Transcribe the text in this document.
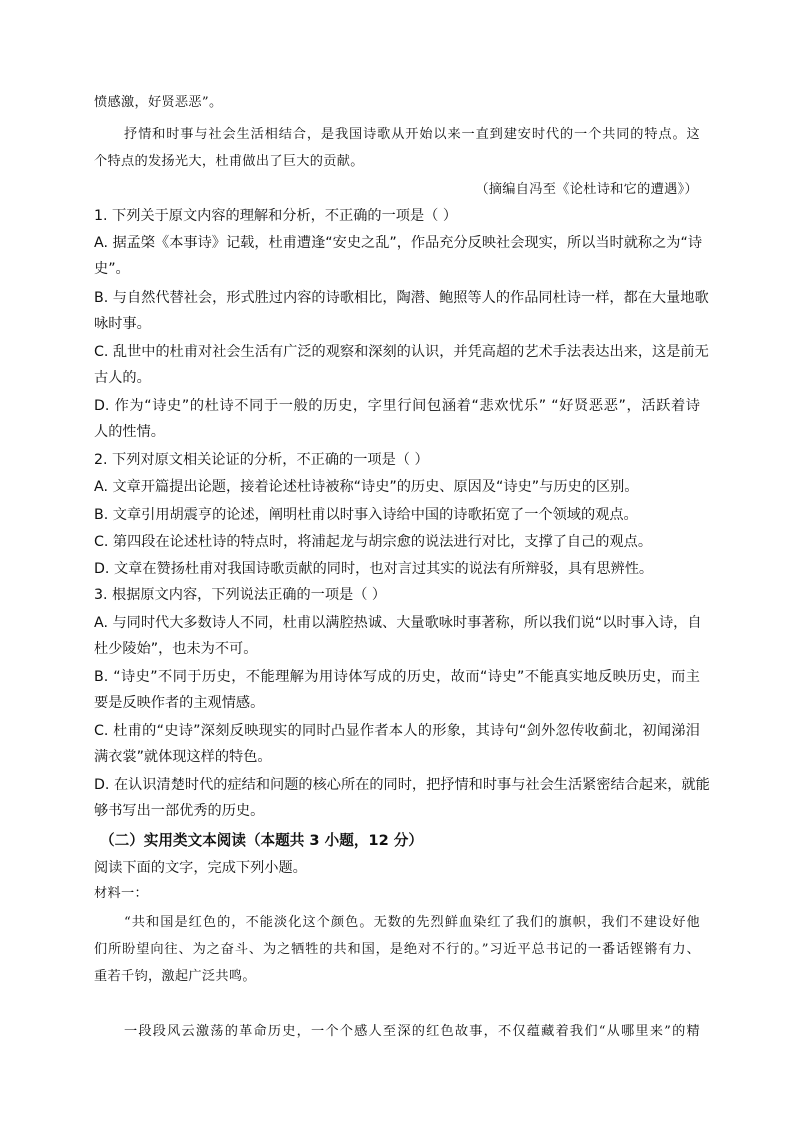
愤感激，好贤恶恶”。
抒情和时事与社会生活相结合，是我国诗歌从开始以来一直到建安时代的一个共同的特点。这
个特点的发扬光大，杜甫做出了巨大的贡献。
（摘编自冯至《论杜诗和它的遭遇》）
1. 下列关于原文内容的理解和分析，不正确的一项是（ ）
A. 据孟棨《本事诗》记载，杜甫遭逢“安史之乱”，作品充分反映社会现实，所以当时就称之为“诗
史”。
B. 与自然代替社会，形式胜过内容的诗歌相比，陶潜、鲍照等人的作品同杜诗一样，都在大量地歌
咏时事。
C. 乱世中的杜甫对社会生活有广泛的观察和深刻的认识，并凭高超的艺术手法表达出来，这是前无
古人的。
D. 作为“诗史”的杜诗不同于一般的历史，字里行间包涵着“悲欢忧乐” “好贤恶恶”，活跃着诗
人的性情。
2. 下列对原文相关论证的分析，不正确的一项是（ ）
A. 文章开篇提出论题，接着论述杜诗被称“诗史”的历史、原因及“诗史”与历史的区别。
B. 文章引用胡震亨的论述，阐明杜甫以时事入诗给中国的诗歌拓宽了一个领域的观点。
C. 第四段在论述杜诗的特点时，将浦起龙与胡宗愈的说法进行对比，支撑了自己的观点。
D. 文章在赞扬杜甫对我国诗歌贡献的同时，也对言过其实的说法有所辩驳，具有思辨性。
3. 根据原文内容，下列说法正确的一项是（ ）
A. 与同时代大多数诗人不同，杜甫以满腔热诚、大量歌咏时事著称，所以我们说“以时事入诗，自
杜少陵始”，也未为不可。
B. “诗史”不同于历史，不能理解为用诗体写成的历史，故而“诗史”不能真实地反映历史，而主
要是反映作者的主观情感。
C. 杜甫的“史诗”深刻反映现实的同时凸显作者本人的形象，其诗句“剑外忽传收蓟北，初闻涕泪
满衣裳”就体现这样的特色。
D. 在认识清楚时代的症结和问题的核心所在的同时，把抒情和时事与社会生活紧密结合起来，就能
够书写出一部优秀的历史。
（二）实用类文本阅读（本题共 3 小题，12 分）
阅读下面的文字，完成下列小题。
材料一：
“共和国是红色的，不能淡化这个颜色。无数的先烈鲜血染红了我们的旗帜，我们不建设好他
们所盼望向往、为之奋斗、为之牺牲的共和国，是绝对不行的。”习近平总书记的一番话铿锵有力、
重若千钧，激起广泛共鸣。
一段段风云激荡的革命历史，一个个感人至深的红色故事，不仅蕴藏着我们“从哪里来”的精
